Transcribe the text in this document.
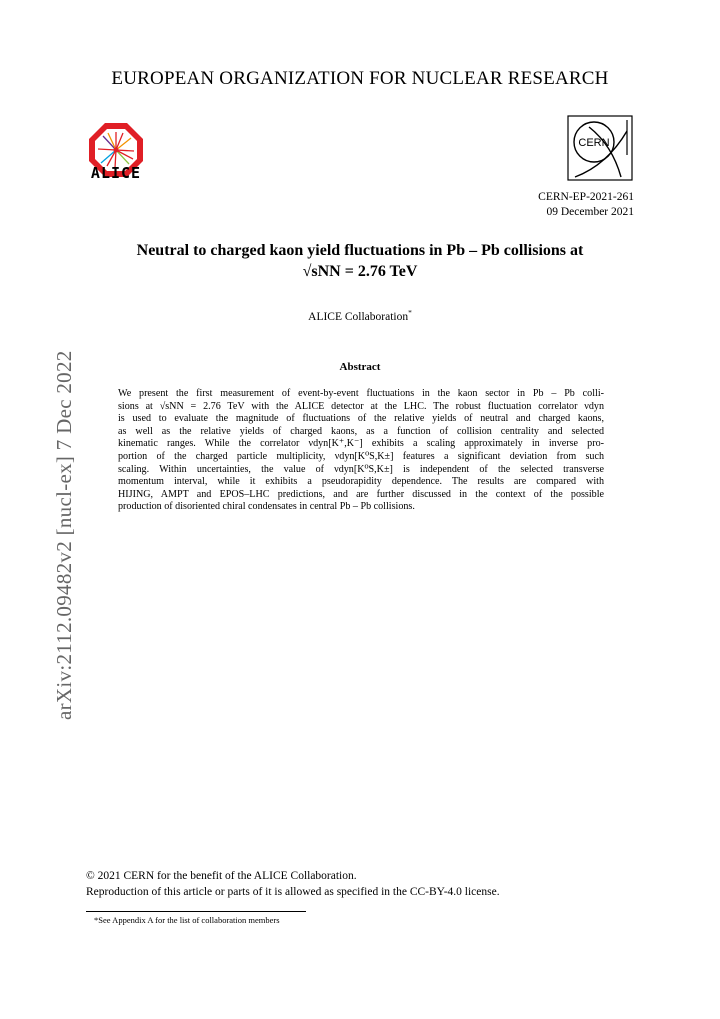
EUROPEAN ORGANIZATION FOR NUCLEAR RESEARCH
ALICE
CERN
CERN-EP-2021-261
09 December 2021
Neutral to charged kaon yield fluctuations in Pb – Pb collisions at
√sNN = 2.76 TeV
ALICE Collaboration*
Abstract
We present the first measurement of event-by-event fluctuations in the kaon sector in Pb – Pb colli-
sions at √sNN = 2.76 TeV with the ALICE detector at the LHC. The robust fluctuation correlator νdyn
is used to evaluate the magnitude of fluctuations of the relative yields of neutral and charged kaons,
as well as the relative yields of charged kaons, as a function of collision centrality and selected
kinematic ranges. While the correlator νdyn[K⁺,K⁻] exhibits a scaling approximately in inverse pro-
portion of the charged particle multiplicity, νdyn[K⁰S,K±] features a significant deviation from such
scaling. Within uncertainties, the value of νdyn[K⁰S,K±] is independent of the selected transverse
momentum interval, while it exhibits a pseudorapidity dependence. The results are compared with
HIJING, AMPT and EPOS–LHC predictions, and are further discussed in the context of the possible
production of disoriented chiral condensates in central Pb – Pb collisions.
arXiv:2112.09482v2 [nucl-ex] 7 Dec 2022
© 2021 CERN for the benefit of the ALICE Collaboration.
Reproduction of this article or parts of it is allowed as specified in the CC-BY-4.0 license.
*See Appendix A for the list of collaboration members
